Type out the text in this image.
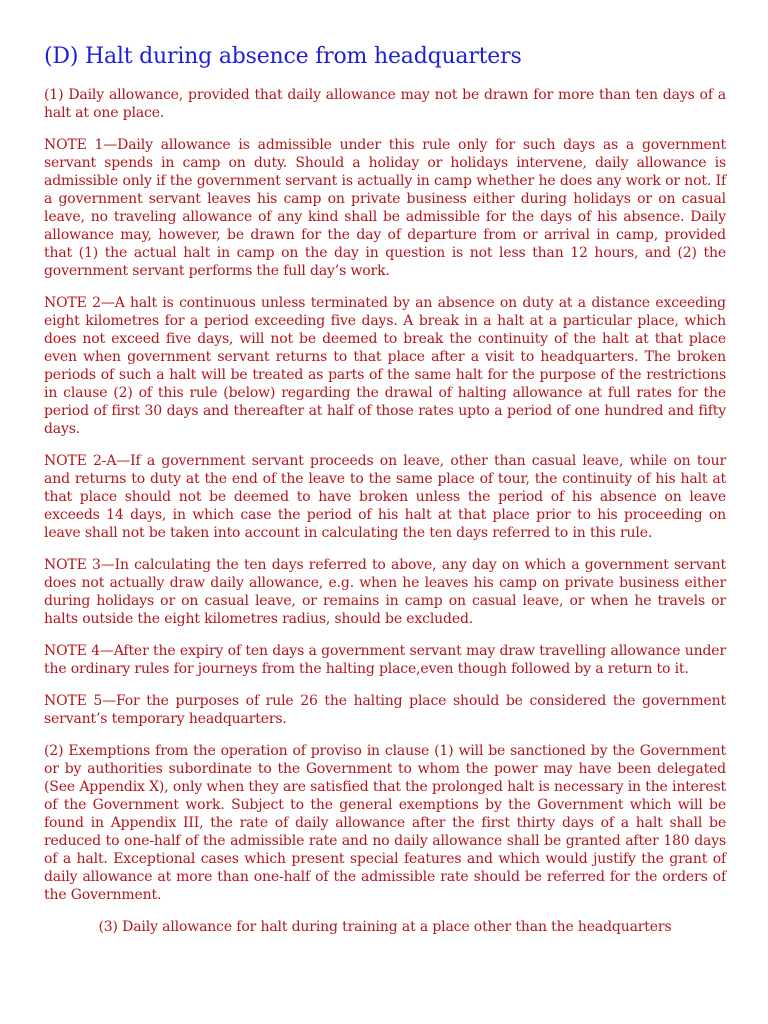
(D) Halt during absence from headquarters

(1) Daily allowance, provided that daily allowance may not be drawn for more than ten days of a halt at one place.

NOTE 1—Daily allowance is admissible under this rule only for such days as a government servant spends in camp on duty. Should a holiday or holidays intervene, daily allowance is admissible only if the government servant is actually in camp whether he does any work or not. If a government servant leaves his camp on private business either during holidays or on casual leave, no traveling allowance of any kind shall be admissible for the days of his absence. Daily allowance may, however, be drawn for the day of departure from or arrival in camp, provided that (1) the actual halt in camp on the day in question is not less than 12 hours, and (2) the government servant performs the full day’s work.

NOTE 2—A halt is continuous unless terminated by an absence on duty at a distance exceeding eight kilometres for a period exceeding five days. A break in a halt at a particular place, which does not exceed five days, will not be deemed to break the continuity of the halt at that place even when government servant returns to that place after a visit to headquarters. The broken periods of such a halt will be treated as parts of the same halt for the purpose of the restrictions in clause (2) of this rule (below) regarding the drawal of halting allowance at full rates for the period of first 30 days and thereafter at half of those rates upto a period of one hundred and fifty days.

NOTE 2-A—If a government servant proceeds on leave, other than casual leave, while on tour and returns to duty at the end of the leave to the same place of tour, the continuity of his halt at that place should not be deemed to have broken unless the period of his absence on leave exceeds 14 days, in which case the period of his halt at that place prior to his proceeding on leave shall not be taken into account in calculating the ten days referred to in this rule.

NOTE 3—In calculating the ten days referred to above, any day on which a government servant does not actually draw daily allowance, e.g. when he leaves his camp on private business either during holidays or on casual leave, or remains in camp on casual leave, or when he travels or halts outside the eight kilometres radius, should be excluded.

NOTE 4—After the expiry of ten days a government servant may draw travelling allowance under the ordinary rules for journeys from the halting place,even though followed by a return to it.

NOTE 5—For the purposes of rule 26 the halting place should be considered the government servant’s temporary headquarters.

(2) Exemptions from the operation of proviso in clause (1) will be sanctioned by the Government or by authorities subordinate to the Government to whom the power may have been delegated (See Appendix X), only when they are satisfied that the prolonged halt is necessary in the interest of the Government work. Subject to the general exemptions by the Government which will be found in Appendix III, the rate of daily allowance after the first thirty days of a halt shall be reduced to one-half of the admissible rate and no daily allowance shall be granted after 180 days of a halt. Exceptional cases which present special features and which would justify the grant of daily allowance at more than one-half of the admissible rate should be referred for the orders of the Government.

(3) Daily allowance for halt during training at a place other than the headquarters
